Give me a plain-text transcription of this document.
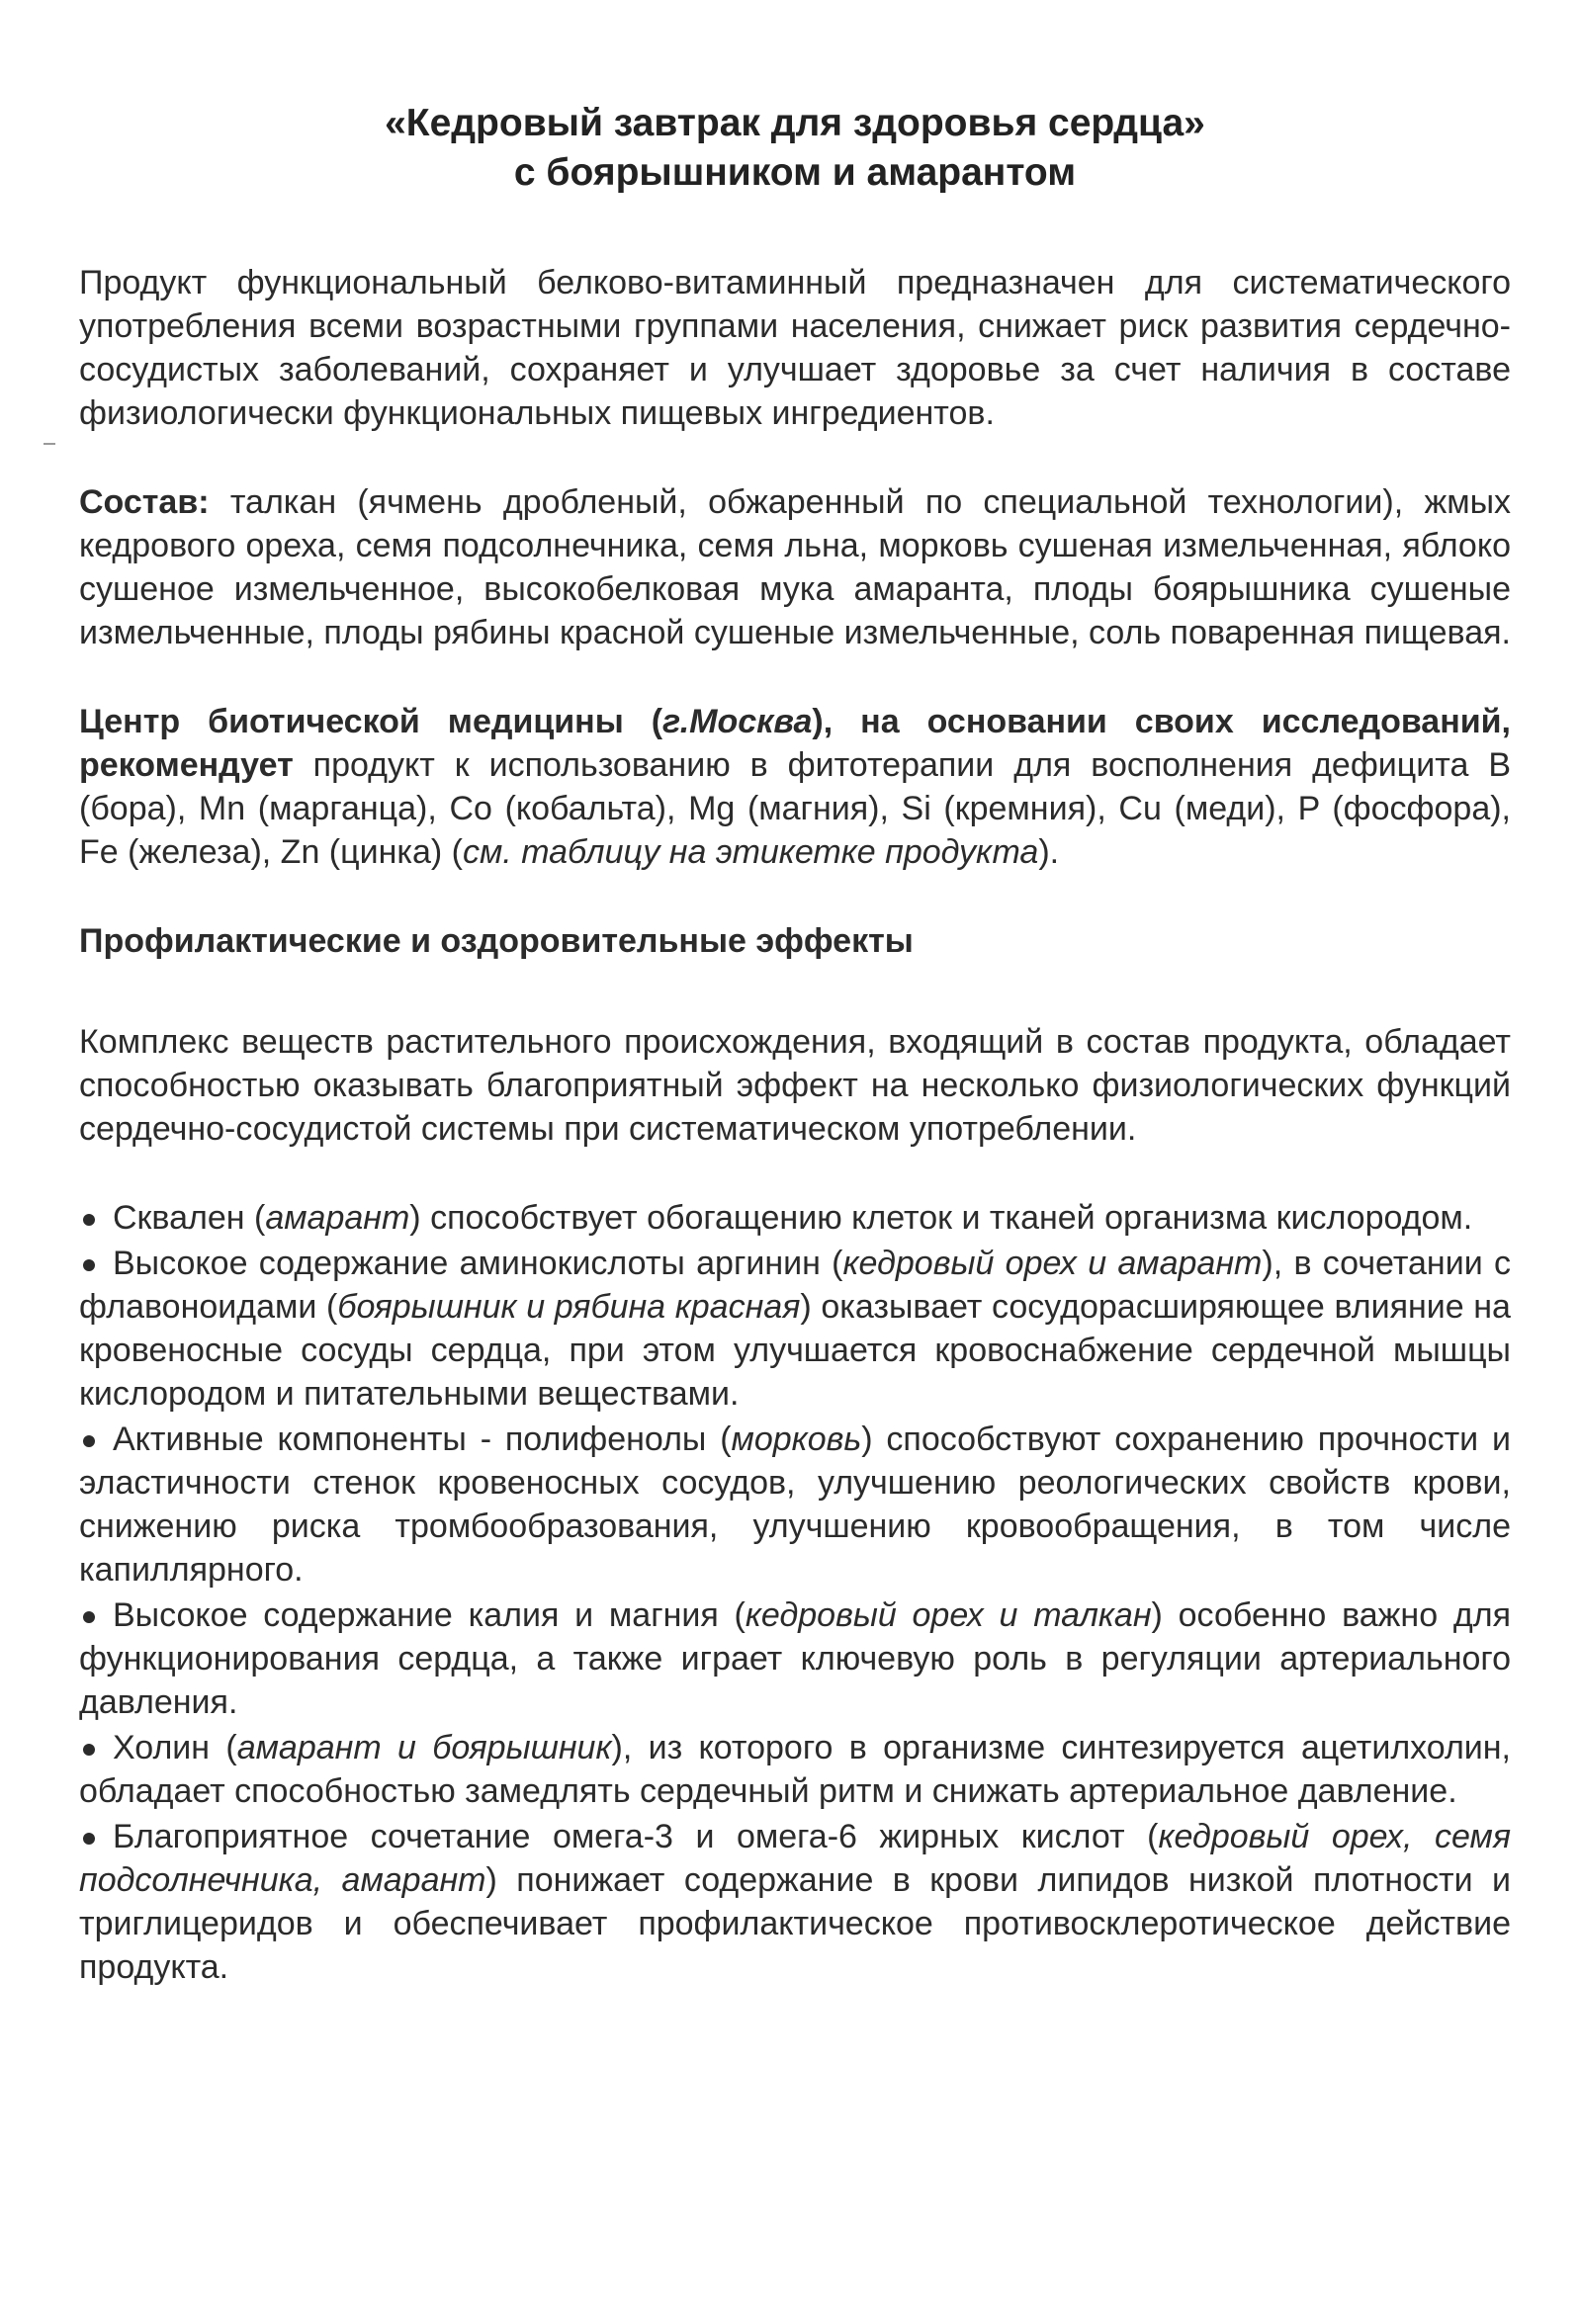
«Кедровый завтрак для здоровья сердца»
с боярышником и амарантом

Продукт функциональный белково-витаминный предназначен для систематического употребления всеми возрастными группами населения, снижает риск развития сердечно-сосудистых заболеваний, сохраняет и улучшает здоровье за счет наличия в составе физиологически функциональных пищевых ингредиентов.

Состав: талкан (ячмень дробленый, обжаренный по специальной технологии), жмых кедрового ореха, семя подсолнечника, семя льна, морковь сушеная измельченная, яблоко сушеное измельченное, высокобелковая мука амаранта, плоды боярышника сушеные измельченные, плоды рябины красной сушеные измельченные, соль поваренная пищевая.

Центр биотической медицины (г.Москва), на основании своих исследований, рекомендует продукт к использованию в фитотерапии для восполнения дефицита B (бора), Mn (марганца), Co (кобальта), Mg (магния), Si (кремния), Cu (меди), P (фосфора), Fe (железа), Zn (цинка) (см. таблицу на этикетке продукта).

Профилактические и оздоровительные эффекты

Комплекс веществ растительного происхождения, входящий в состав продукта, обладает способностью оказывать благоприятный эффект на несколько физиологических функций сердечно-сосудистой системы при систематическом употреблении.

Сквален (амарант) способствует обогащению клеток и тканей организма кислородом.
Высокое содержание аминокислоты аргинин (кедровый орех и амарант), в сочетании с флавоноидами (боярышник и рябина красная) оказывает сосудорасширяющее влияние на кровеносные сосуды сердца, при этом улучшается кровоснабжение сердечной мышцы кислородом и питательными веществами.
Активные компоненты - полифенолы (морковь) способствуют сохранению прочности и эластичности стенок кровеносных сосудов, улучшению реологических свойств крови, снижению риска тромбообразования, улучшению кровообращения, в том числе капиллярного.
Высокое содержание калия и магния (кедровый орех и талкан) особенно важно для функционирования сердца, а также играет ключевую роль в регуляции артериального давления.
Холин (амарант и боярышник), из которого в организме синтезируется ацетилхолин, обладает способностью замедлять сердечный ритм и снижать артериальное давление.
Благоприятное сочетание омега-3 и омега-6 жирных кислот (кедровый орех, семя подсолнечника, амарант) понижает содержание в крови липидов низкой плотности и триглицеридов и обеспечивает профилактическое противосклеротическое действие продукта.
